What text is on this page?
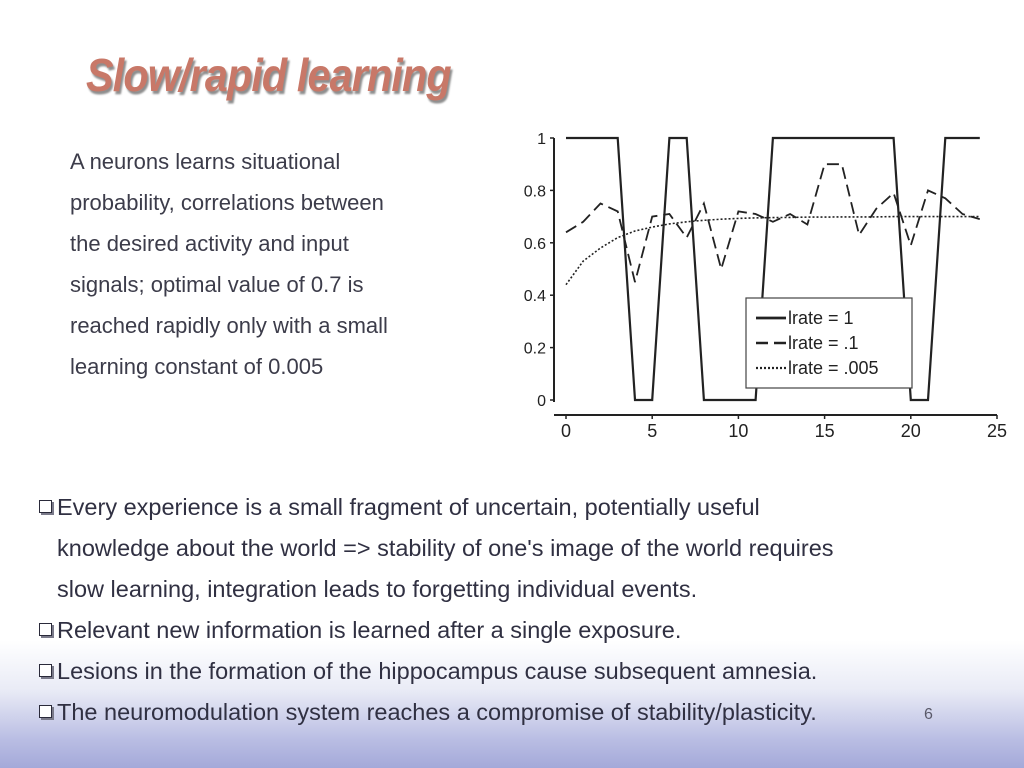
Slow/rapid learning
A neurons learns situational
probability, correlations between
the desired activity and input
signals; optimal value of 0.7 is
reached rapidly only with a small
learning constant of 0.005
0	5	10	15	20	25
0
0.2
0.4
0.6
0.8
1
lrate = 1
lrate = .1
lrate = .005
Every experience is a small fragment of uncertain, potentially useful
knowledge about the world => stability of one's image of the world requires
slow learning, integration leads to forgetting individual events.
Relevant new information is learned after a single exposure.
Lesions in the formation of the hippocampus cause subsequent amnesia.
The neuromodulation system reaches a compromise of stability/plasticity.	6
